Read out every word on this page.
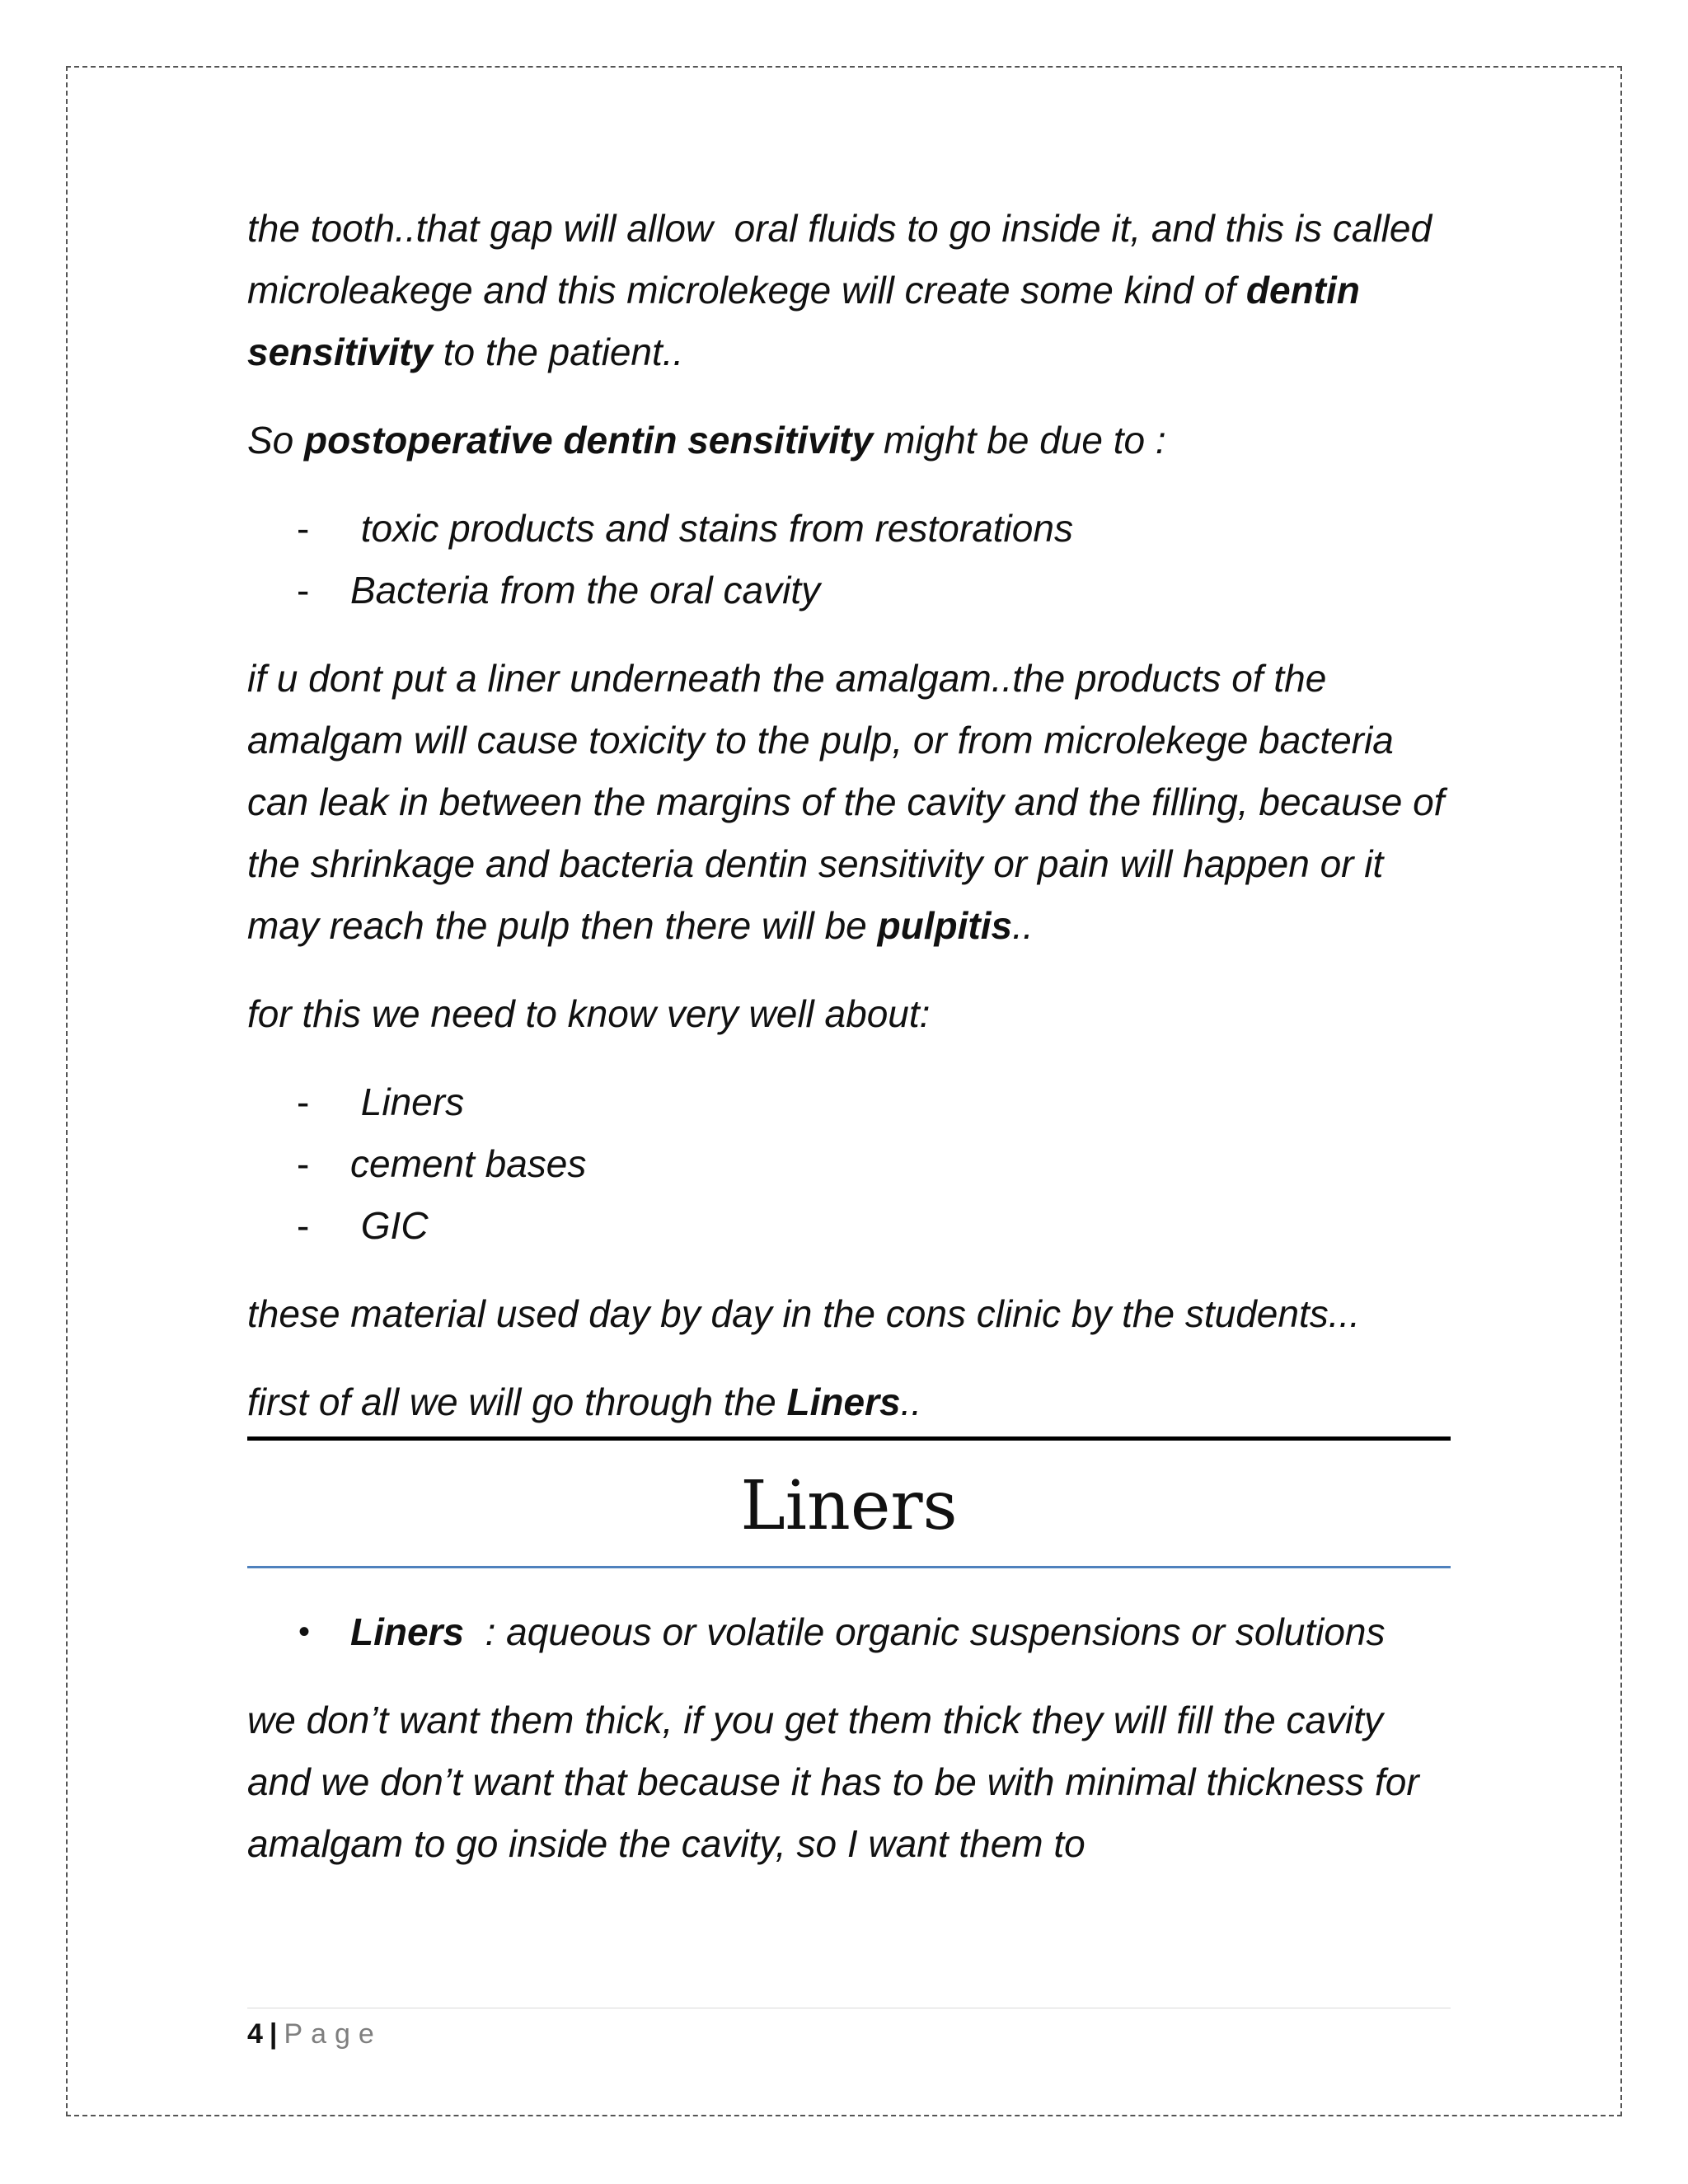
the tooth..that gap will allow  oral fluids to go inside it, and this is called microleakege and this microlekege will create some kind of dentin sensitivity to the patient..

So postoperative dentin sensitivity might be due to :

- toxic products and stains from restorations
- Bacteria from the oral cavity

if u dont put a liner underneath the amalgam..the products of the amalgam will cause toxicity to the pulp, or from microlekege bacteria can leak in between the margins of the cavity and the filling, because of the shrinkage and bacteria dentin sensitivity or pain will happen or it may reach the pulp then there will be pulpitis..

for this we need to know very well about:

- Liners
- cement bases
- GIC

these material used day by day in the cons clinic by the students...

first of all we will go through the Liners..

Liners
• Liners  : aqueous or volatile organic suspensions or solutions

we don’t want them thick, if you get them thick they will fill the cavity and we don’t want that because it has to be with minimal thickness for amalgam to go inside the cavity, so I want them to

4 | Page
